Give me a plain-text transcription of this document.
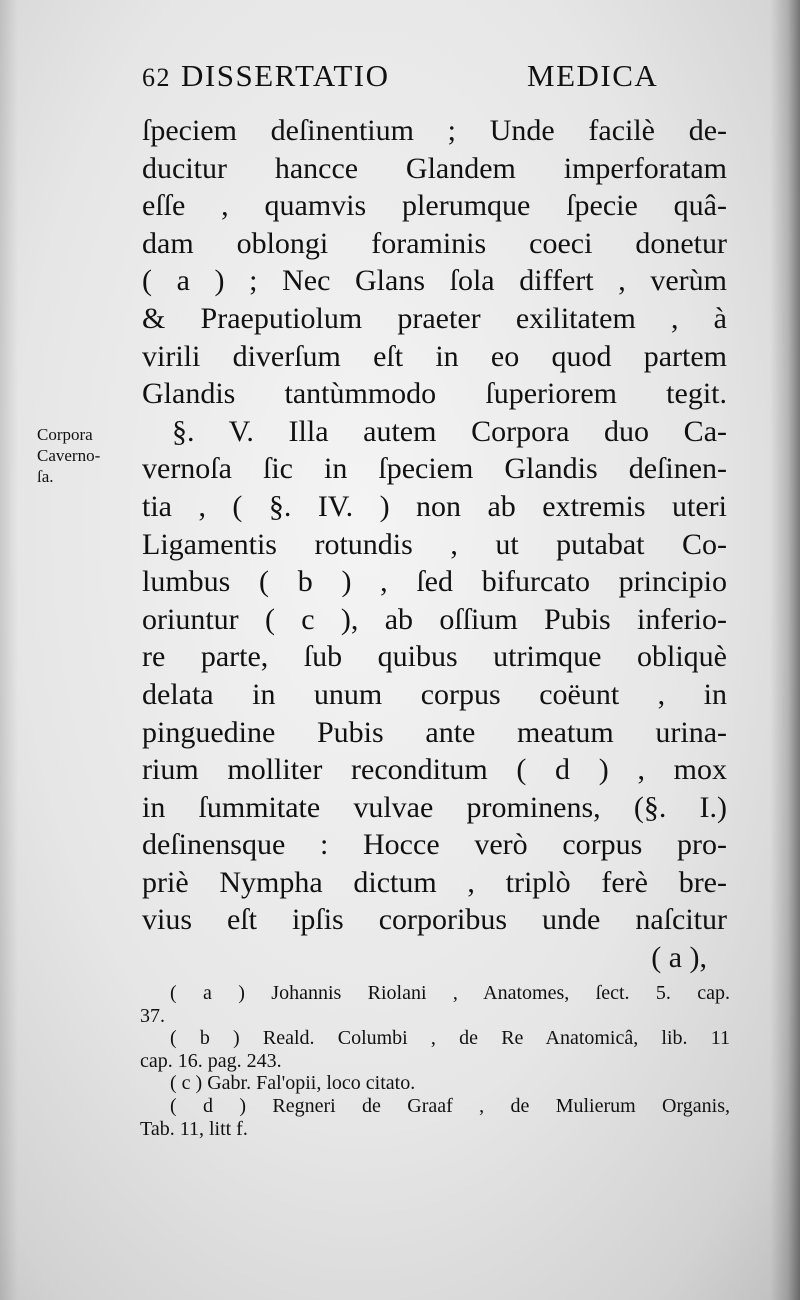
62 DISSERTATIO	MEDICA
Corpora
Caverno-
ſa.
ſpeciem deſinentium ; Unde facilè de-
ducitur hancce Glandem imperforatam
eſſe , quamvis plerumque ſpecie quâ-
dam oblongi foraminis coeci donetur
( a ) ; Nec Glans ſola differt , verùm
& Praeputiolum praeter exilitatem , à
virili diverſum eſt in eo quod partem
Glandis tantùmmodo ſuperiorem tegit.
§. V. Illa autem Corpora duo Ca-
vernoſa ſic in ſpeciem Glandis deſinen-
tia , ( §. IV. ) non ab extremis uteri
Ligamentis rotundis , ut putabat Co-
lumbus ( b ) , ſed bifurcato principio
oriuntur ( c ), ab oſſium Pubis inferio-
re parte, ſub quibus utrimque obliquè
delata in unum corpus coëunt , in
pinguedine Pubis ante meatum urina-
rium molliter reconditum ( d ) , mox
in ſummitate vulvae prominens, (§. I.)
deſinensque : Hocce verò corpus pro-
priè Nympha dictum , triplò ferè bre-
vius eſt ipſis corporibus unde naſcitur
( a ),
( a ) Johannis Riolani , Anatomes, ſect. 5. cap.
37.
( b ) Reald. Columbi , de Re Anatomicâ, lib. 11
cap. 16. pag. 243.
( c ) Gabr. Fal'opii, loco citato.
( d ) Regneri de Graaf , de Mulierum Organis,
Tab. 11, litt f.
